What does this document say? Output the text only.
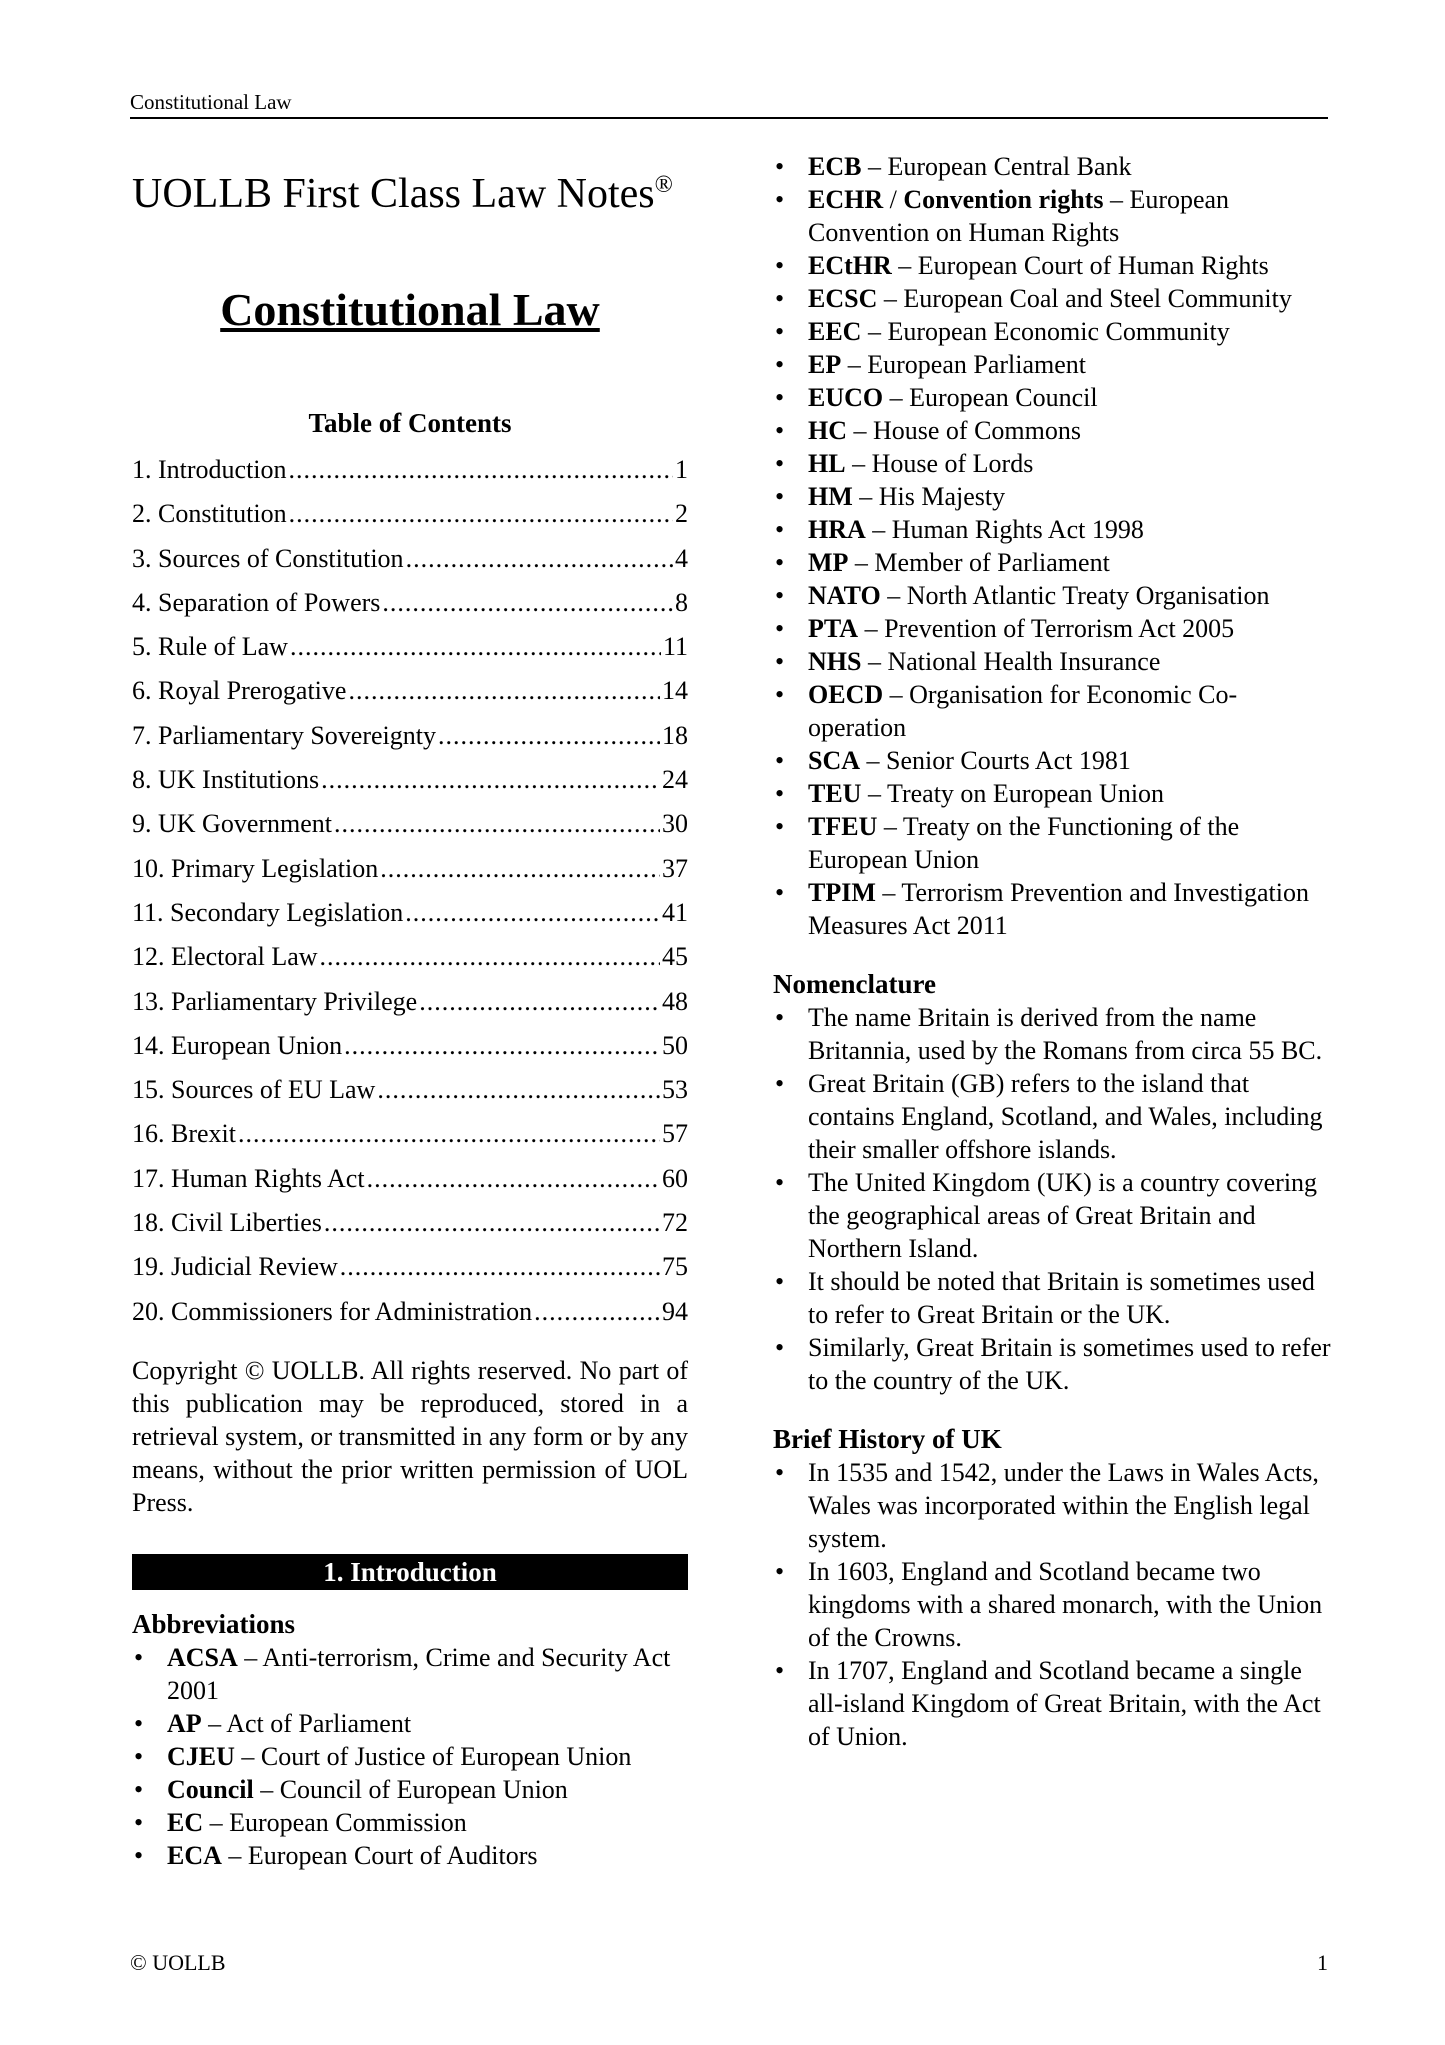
Constitutional Law
UOLLB First Class Law Notes®
Constitutional Law
Table of Contents
1. Introduction .....	1
2. Constitution .....	2
3. Sources of Constitution .....	4
4. Separation of Powers .....	8
5. Rule of Law .....	11
6. Royal Prerogative .....	14
7. Parliamentary Sovereignty .....	18
8. UK Institutions .....	24
9. UK Government .....	30
10. Primary Legislation .....	37
11. Secondary Legislation .....	41
12. Electoral Law .....	45
13. Parliamentary Privilege .....	48
14. European Union .....	50
15. Sources of EU Law .....	53
16. Brexit .....	57
17. Human Rights Act .....	60
18. Civil Liberties .....	72
19. Judicial Review .....	75
20. Commissioners for Administration .....	94

Copyright © UOLLB. All rights reserved. No part of this publication may be reproduced, stored in a retrieval system, or transmitted in any form or by any means, without the prior written permission of UOL Press.

1. Introduction
Abbreviations
• ACSA – Anti-terrorism, Crime and Security Act 2001
• AP – Act of Parliament
• CJEU – Court of Justice of European Union
• Council – Council of European Union
• EC – European Commission
• ECA – European Court of Auditors
• ECB – European Central Bank
• ECHR / Convention rights – European Convention on Human Rights
• ECtHR – European Court of Human Rights
• ECSC – European Coal and Steel Community
• EEC – European Economic Community
• EP – European Parliament
• EUCO – European Council
• HC – House of Commons
• HL – House of Lords
• HM – His Majesty
• HRA – Human Rights Act 1998
• MP – Member of Parliament
• NATO – North Atlantic Treaty Organisation
• PTA – Prevention of Terrorism Act 2005
• NHS – National Health Insurance
• OECD – Organisation for Economic Co-operation
• SCA – Senior Courts Act 1981
• TEU – Treaty on European Union
• TFEU – Treaty on the Functioning of the European Union
• TPIM – Terrorism Prevention and Investigation Measures Act 2011

Nomenclature

• The name Britain is derived from the name Britannia, used by the Romans from circa 55 BC.
• Great Britain (GB) refers to the island that contains England, Scotland, and Wales, including their smaller offshore islands.
• The United Kingdom (UK) is a country covering the geographical areas of Great Britain and Northern Island.
• It should be noted that Britain is sometimes used to refer to Great Britain or the UK.
• Similarly, Great Britain is sometimes used to refer to the country of the UK.

Brief History of UK

• In 1535 and 1542, under the Laws in Wales Acts, Wales was incorporated within the English legal system.
• In 1603, England and Scotland became two kingdoms with a shared monarch, with the Union of the Crowns.
• In 1707, England and Scotland became a single all-island Kingdom of Great Britain, with the Act of Union.
© UOLLB	1
